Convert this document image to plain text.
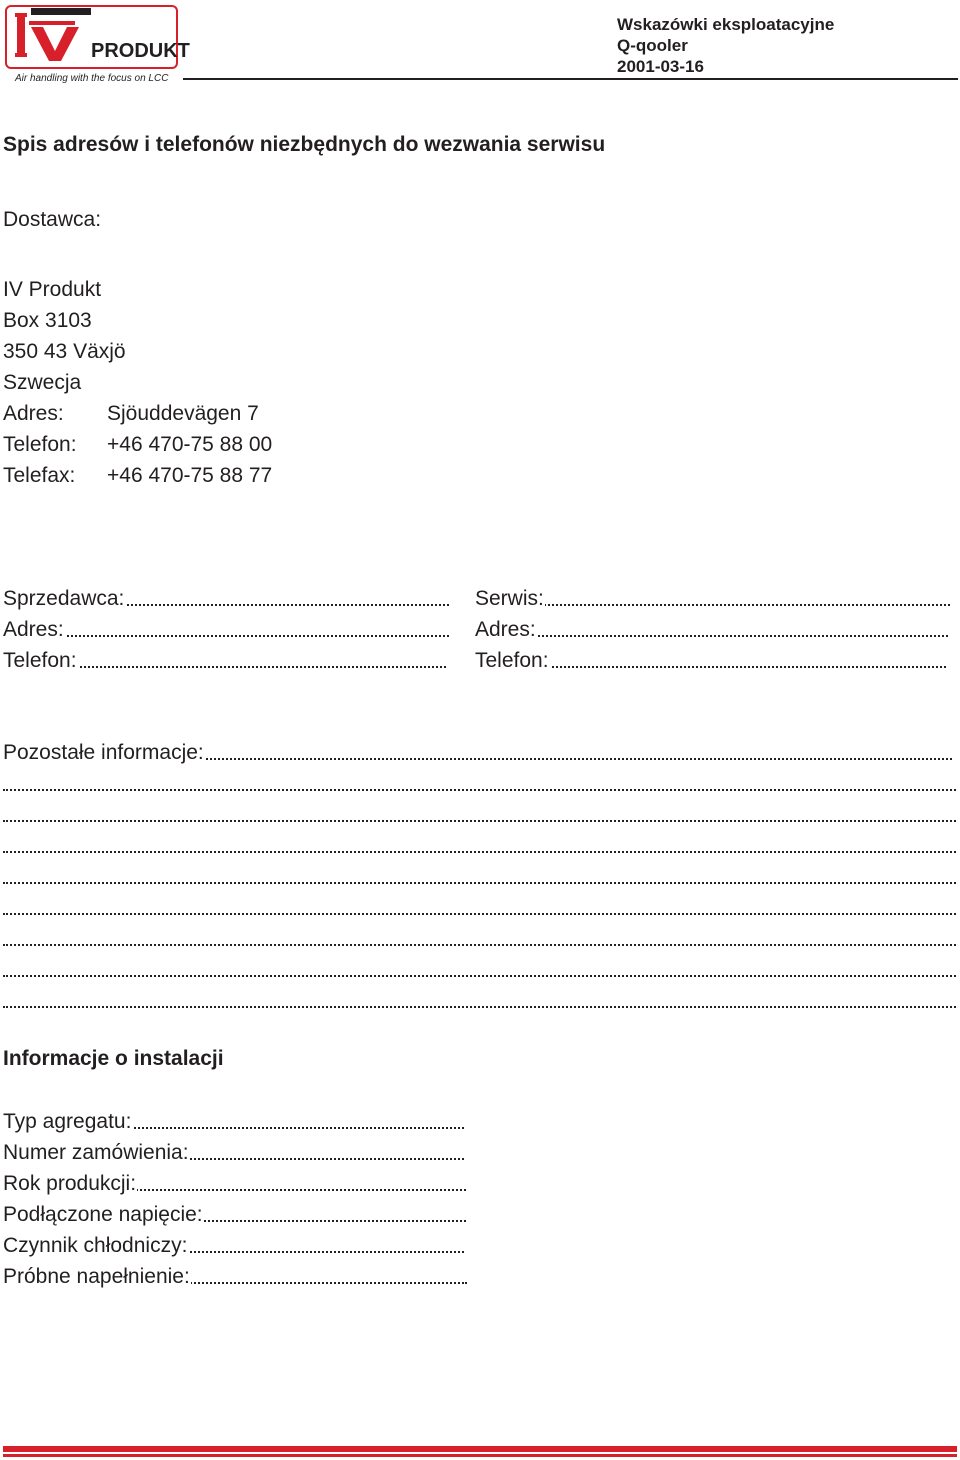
PRODUKT
Air handling with the focus on LCC
Wskazówki eksploatacyjne
Q-qooler
2001-03-16
Spis adresów i telefonów niezbędnych do wezwania serwisu
Dostawca:
IV Produkt
Box 3103
350 43 Växjö
Szwecja
Adres: Sjöuddevägen 7
Telefon: +46 470-75 88 00
Telefax: +46 470-75 88 77
Sprzedawca:
Adres:
Telefon:
Serwis:
Adres:
Telefon:
Pozostałe informacje:
Informacje o instalacji
Typ agregatu:
Numer zamówienia:
Rok produkcji:
Podłączone napięcie:
Czynnik chłodniczy:
Próbne napełnienie:
